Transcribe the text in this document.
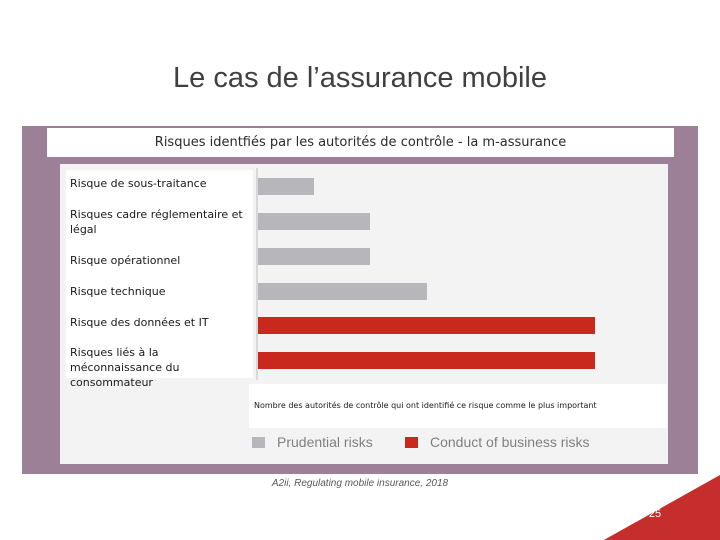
Le cas de l’assurance mobile
Risques identfiés par les autorités de contrôle - la m-assurance
Risque de sous-traitance
Risques cadre réglementaire et légal
Risque opérationnel
Risque technique
Risque des données et IT
Risques liés à la méconnaissance du consommateur
Nombre des autorités de contrôle qui ont identifié ce risque comme le plus important
Prudential risks	Conduct of business risks
A2ii, Regulating mobile insurance, 2018
25
